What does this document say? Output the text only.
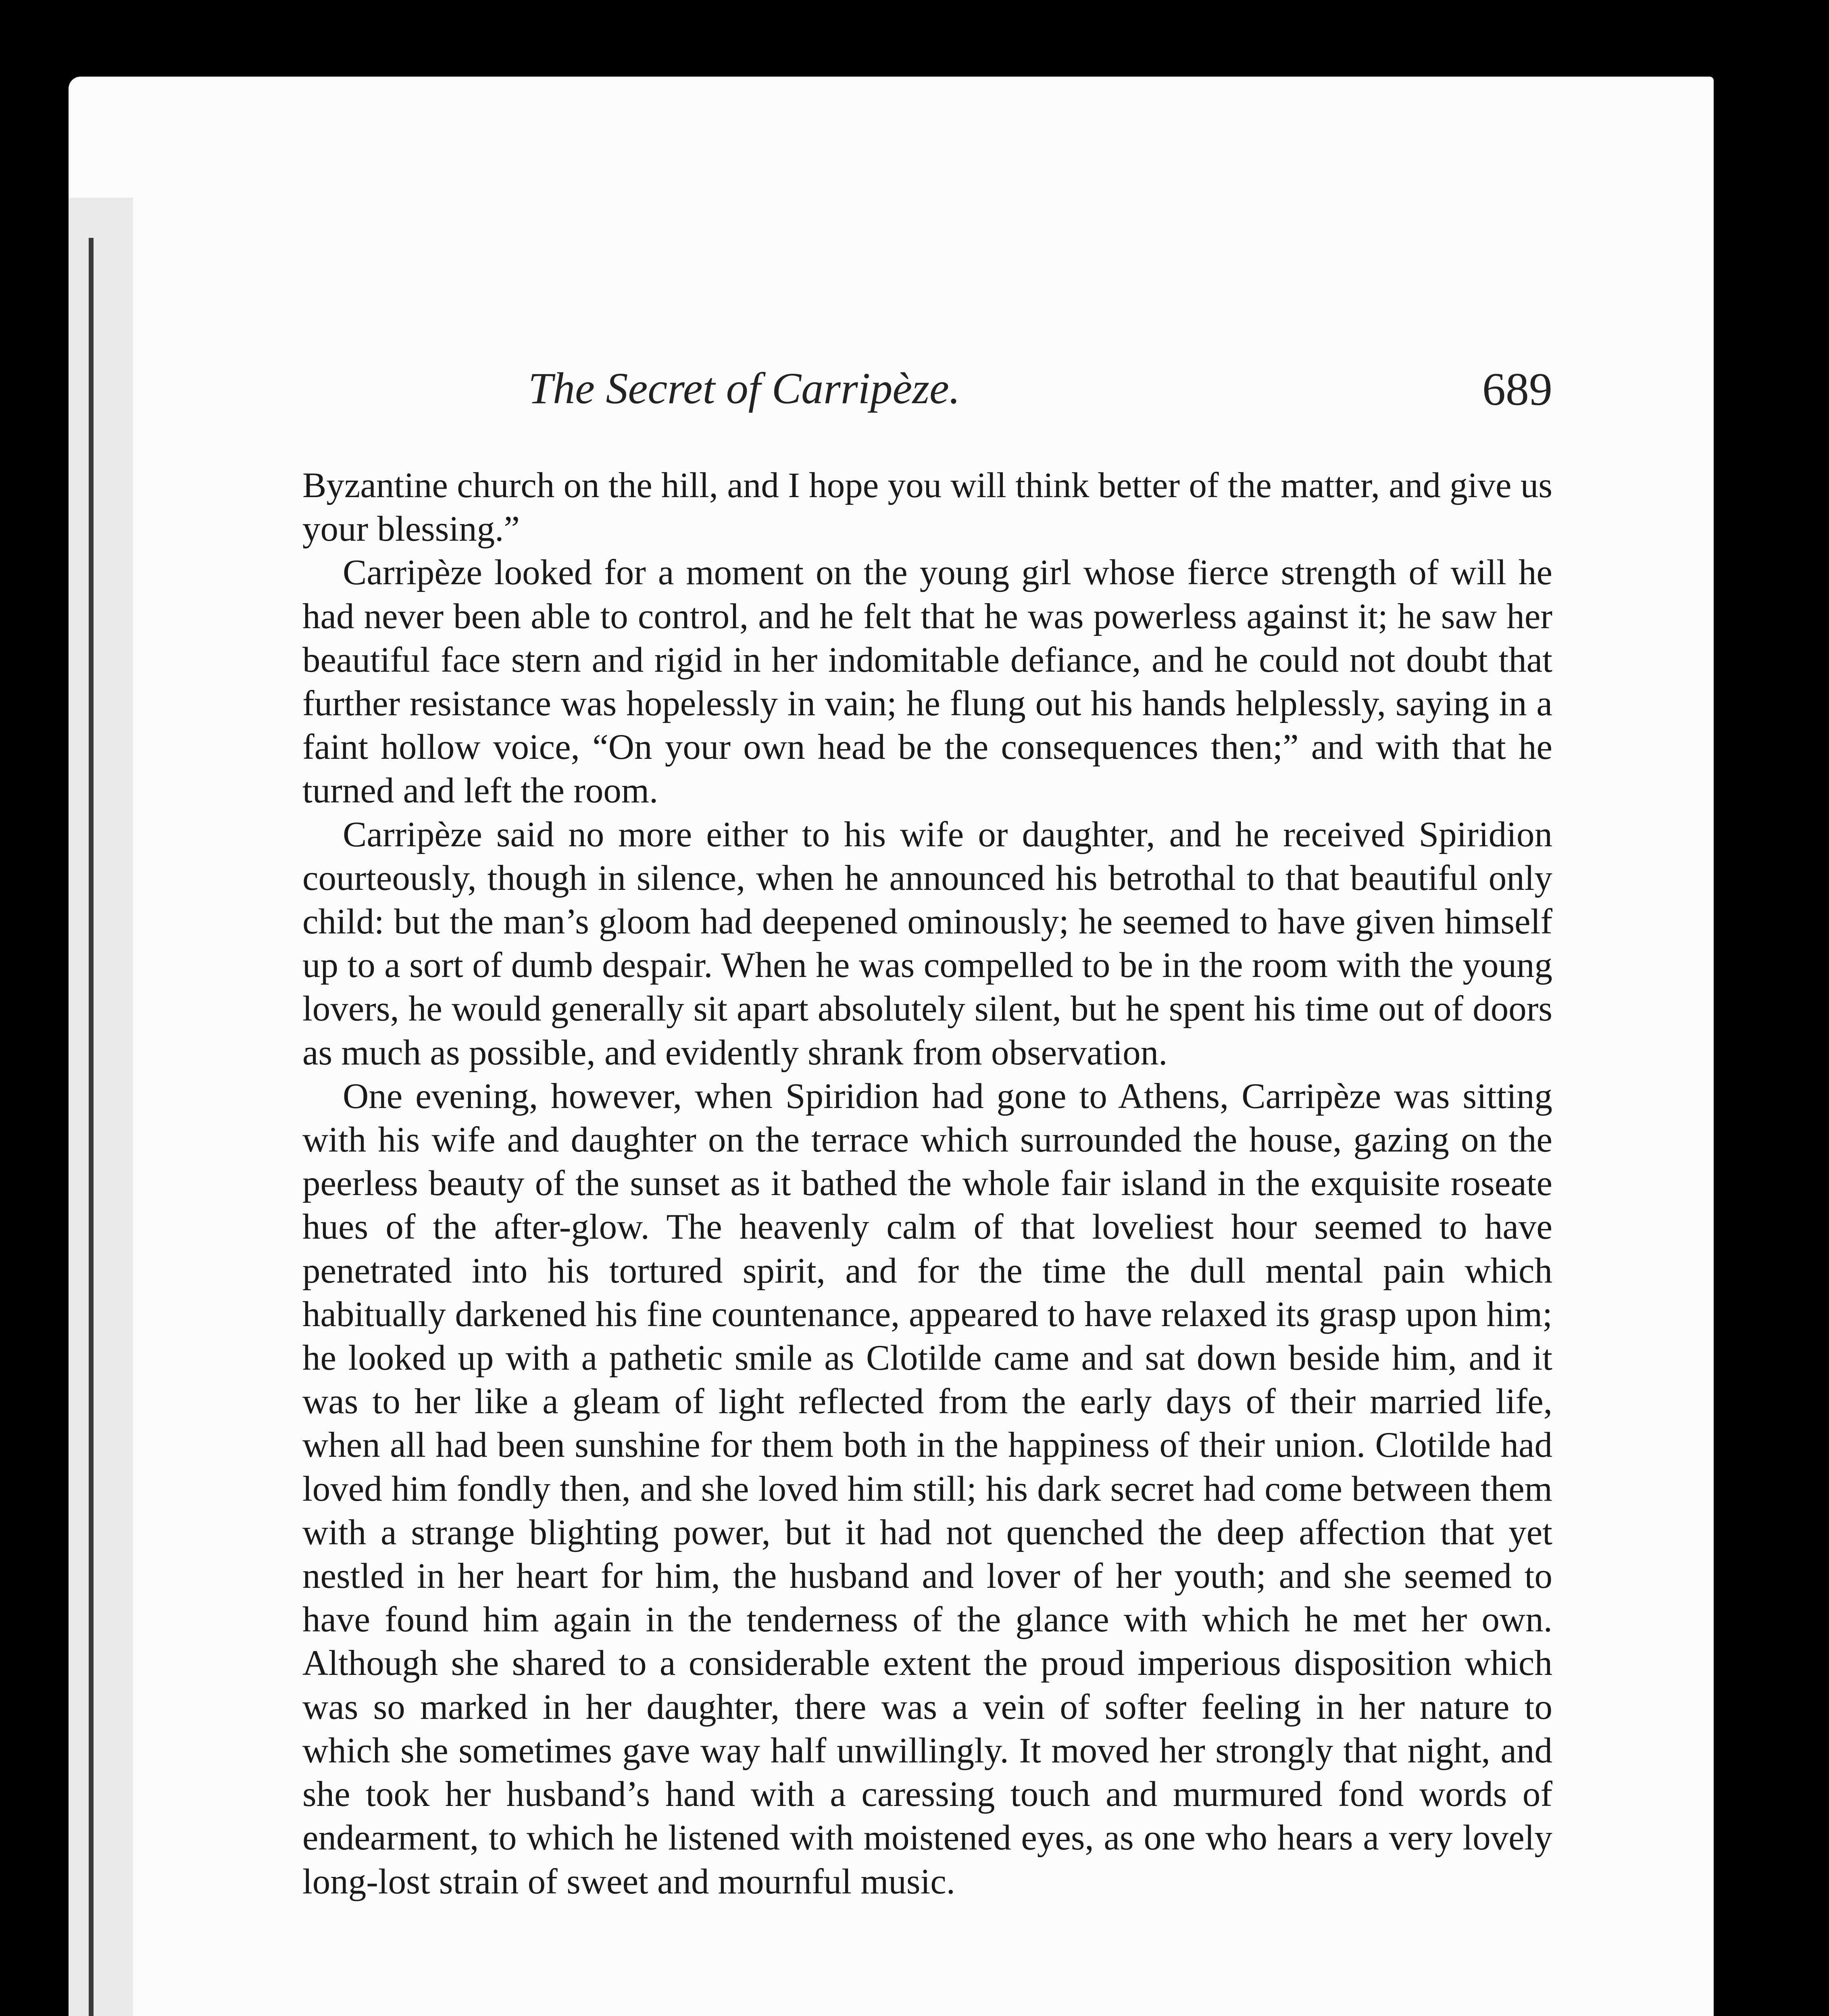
The Secret of Carripèze.	689

Byzantine church on the hill, and I hope you will think better of the matter, and give us your blessing.”

Carripèze looked for a moment on the young girl whose fierce strength of will he had never been able to control, and he felt that he was powerless against it; he saw her beautiful face stern and rigid in her indomitable defiance, and he could not doubt that further resistance was hopelessly in vain; he flung out his hands helplessly, saying in a faint hollow voice, “On your own head be the consequences then;” and with that he turned and left the room.

Carripèze said no more either to his wife or daughter, and he received Spiridion courteously, though in silence, when he announced his betrothal to that beautiful only child: but the man’s gloom had deepened ominously; he seemed to have given himself up to a sort of dumb despair. When he was compelled to be in the room with the young lovers, he would generally sit apart absolutely silent, but he spent his time out of doors as much as possible, and evidently shrank from observation.

One evening, however, when Spiridion had gone to Athens, Carripèze was sitting with his wife and daughter on the terrace which surrounded the house, gazing on the peerless beauty of the sunset as it bathed the whole fair island in the exquisite roseate hues of the after-glow. The heavenly calm of that loveliest hour seemed to have penetrated into his tortured spirit, and for the time the dull mental pain which habitually darkened his fine countenance, appeared to have relaxed its grasp upon him; he looked up with a pathetic smile as Clotilde came and sat down beside him, and it was to her like a gleam of light reflected from the early days of their married life, when all had been sunshine for them both in the happiness of their union. Clotilde had loved him fondly then, and she loved him still; his dark secret had come between them with a strange blighting power, but it had not quenched the deep affection that yet nestled in her heart for him, the husband and lover of her youth; and she seemed to have found him again in the tenderness of the glance with which he met her own. Although she shared to a considerable extent the proud imperious disposition which was so marked in her daughter, there was a vein of softer feeling in her nature to which she sometimes gave way half unwillingly. It moved her strongly that night, and she took her husband’s hand with a caressing touch and murmured fond words of endearment, to which he listened with moistened eyes, as one who hears a very lovely long-lost strain of sweet and mournful music.
